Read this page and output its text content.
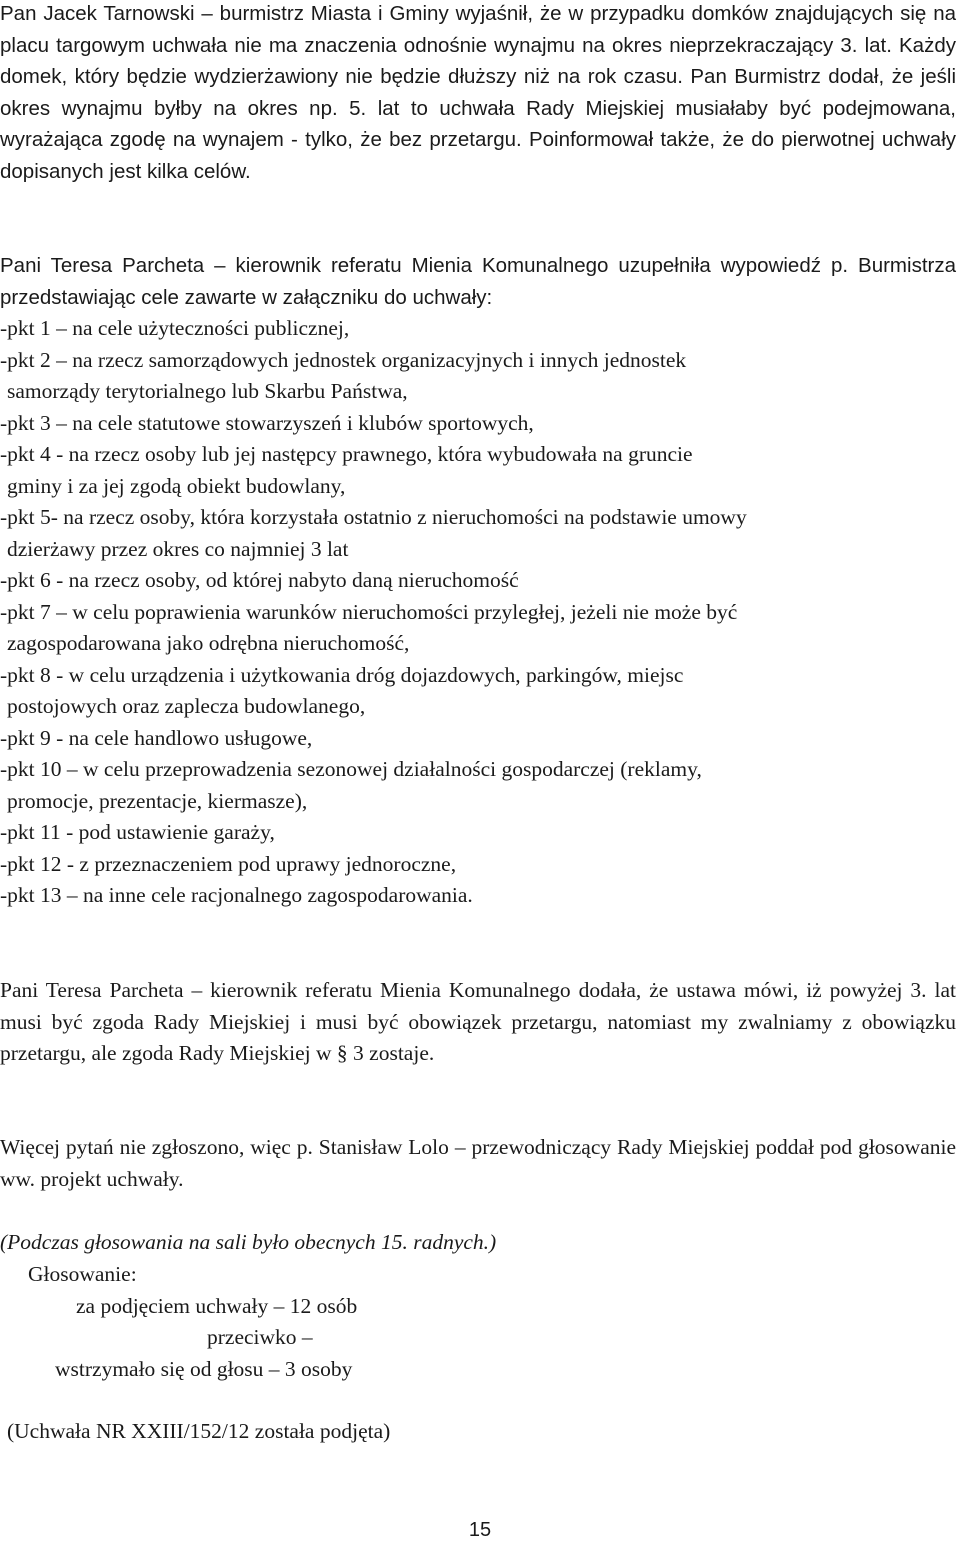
Pan Jacek Tarnowski – burmistrz Miasta i Gminy wyjaśnił, że w przypadku domków znajdujących się na placu targowym uchwała nie ma znaczenia odnośnie wynajmu na okres nieprzekraczający 3. lat. Każdy domek, który będzie wydzierżawiony nie będzie dłuższy niż na rok czasu. Pan Burmistrz dodał, że jeśli okres wynajmu byłby na okres np. 5. lat to uchwała Rady Miejskiej musiałaby być podejmowana, wyrażająca zgodę na wynajem - tylko, że bez przetargu. Poinformował także, że do pierwotnej uchwały dopisanych jest kilka celów.

Pani Teresa Parcheta – kierownik referatu Mienia Komunalnego uzupełniła wypowiedź p. Burmistrza przedstawiając cele zawarte w załączniku do uchwały:

-pkt 1 – na cele użyteczności publicznej,

-pkt 2 – na rzecz samorządowych jednostek organizacyjnych i innych jednostek
samorządy terytorialnego lub Skarbu Państwa,

-pkt 3 – na cele statutowe stowarzyszeń i klubów sportowych,

-pkt 4 - na rzecz osoby lub jej następcy prawnego, która wybudowała na gruncie
gminy i za jej zgodą obiekt budowlany,

-pkt 5- na rzecz osoby, która korzystała ostatnio z nieruchomości na podstawie umowy
dzierżawy przez okres co najmniej 3 lat

-pkt 6 - na rzecz osoby, od której nabyto daną nieruchomość

-pkt 7 – w celu poprawienia warunków nieruchomości przyległej, jeżeli nie może być
zagospodarowana jako odrębna nieruchomość,

-pkt 8 - w celu urządzenia i użytkowania dróg dojazdowych, parkingów, miejsc
postojowych oraz zaplecza budowlanego,

-pkt 9 - na cele handlowo usługowe,

-pkt 10 – w celu przeprowadzenia sezonowej działalności gospodarczej (reklamy,
promocje, prezentacje, kiermasze),

-pkt 11 - pod ustawienie garaży,

-pkt 12 - z przeznaczeniem pod uprawy jednoroczne,

-pkt 13 – na inne cele racjonalnego zagospodarowania.

Pani Teresa Parcheta – kierownik referatu Mienia Komunalnego dodała, że ustawa mówi, iż powyżej 3. lat musi być zgoda Rady Miejskiej i musi być obowiązek przetargu, natomiast my zwalniamy z obowiązku przetargu, ale zgoda Rady Miejskiej w § 3 zostaje.

Więcej pytań nie zgłoszono, więc p. Stanisław Lolo – przewodniczący Rady Miejskiej poddał pod głosowanie ww. projekt uchwały.

(Podczas głosowania na sali było obecnych 15. radnych.)

Głosowanie:
za podjęciem uchwały – 12 osób
przeciwko –
wstrzymało się od głosu – 3 osoby
(Uchwała NR XXIII/152/12 została podjęta)
15
